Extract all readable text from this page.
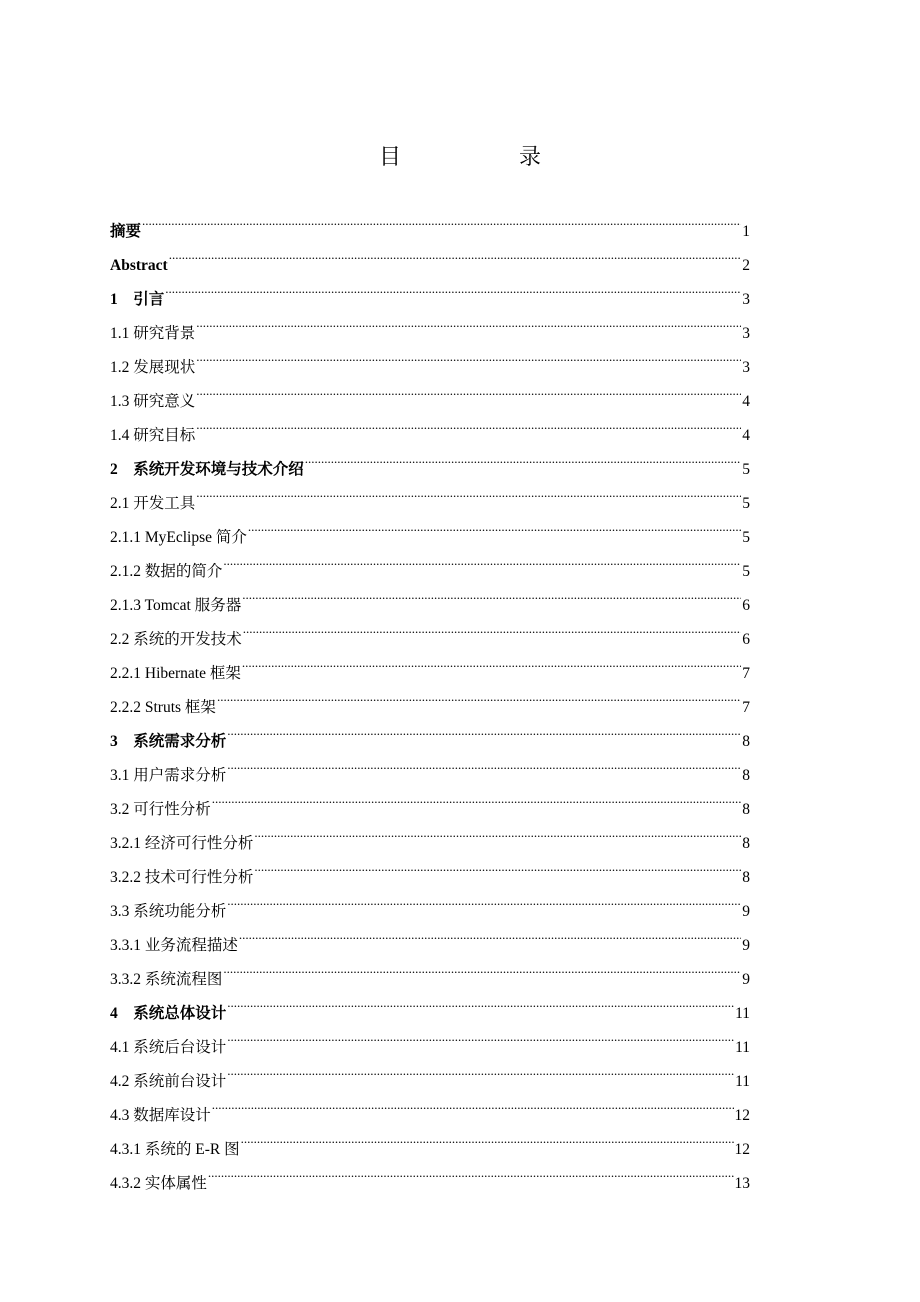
目　录
摘要 .....	1
Abstract .....	2
1　引言 .....	3
1.1 研究背景 .....	3
1.2 发展现状 .....	3
1.3 研究意义 .....	4
1.4 研究目标 .....	4
2　系统开发环境与技术介绍 .....	5
2.1 开发工具 .....	5
2.1.1 MyEclipse 简介 .....	5
2.1.2 数据的简介 .....	5
2.1.3 Tomcat 服务器 .....	6
2.2 系统的开发技术 .....	6
2.2.1 Hibernate 框架 .....	7
2.2.2 Struts 框架 .....	7
3　系统需求分析 .....	8
3.1 用户需求分析 .....	8
3.2 可行性分析 .....	8
3.2.1 经济可行性分析 .....	8
3.2.2 技术可行性分析 .....	8
3.3 系统功能分析 .....	9
3.3.1 业务流程描述 .....	9
3.3.2 系统流程图 .....	9
4　系统总体设计 .....	11
4.1 系统后台设计 .....	11
4.2 系统前台设计 .....	11
4.3 数据库设计 .....	12
4.3.1 系统的 E-R 图 .....	12
4.3.2 实体属性 .....	13
